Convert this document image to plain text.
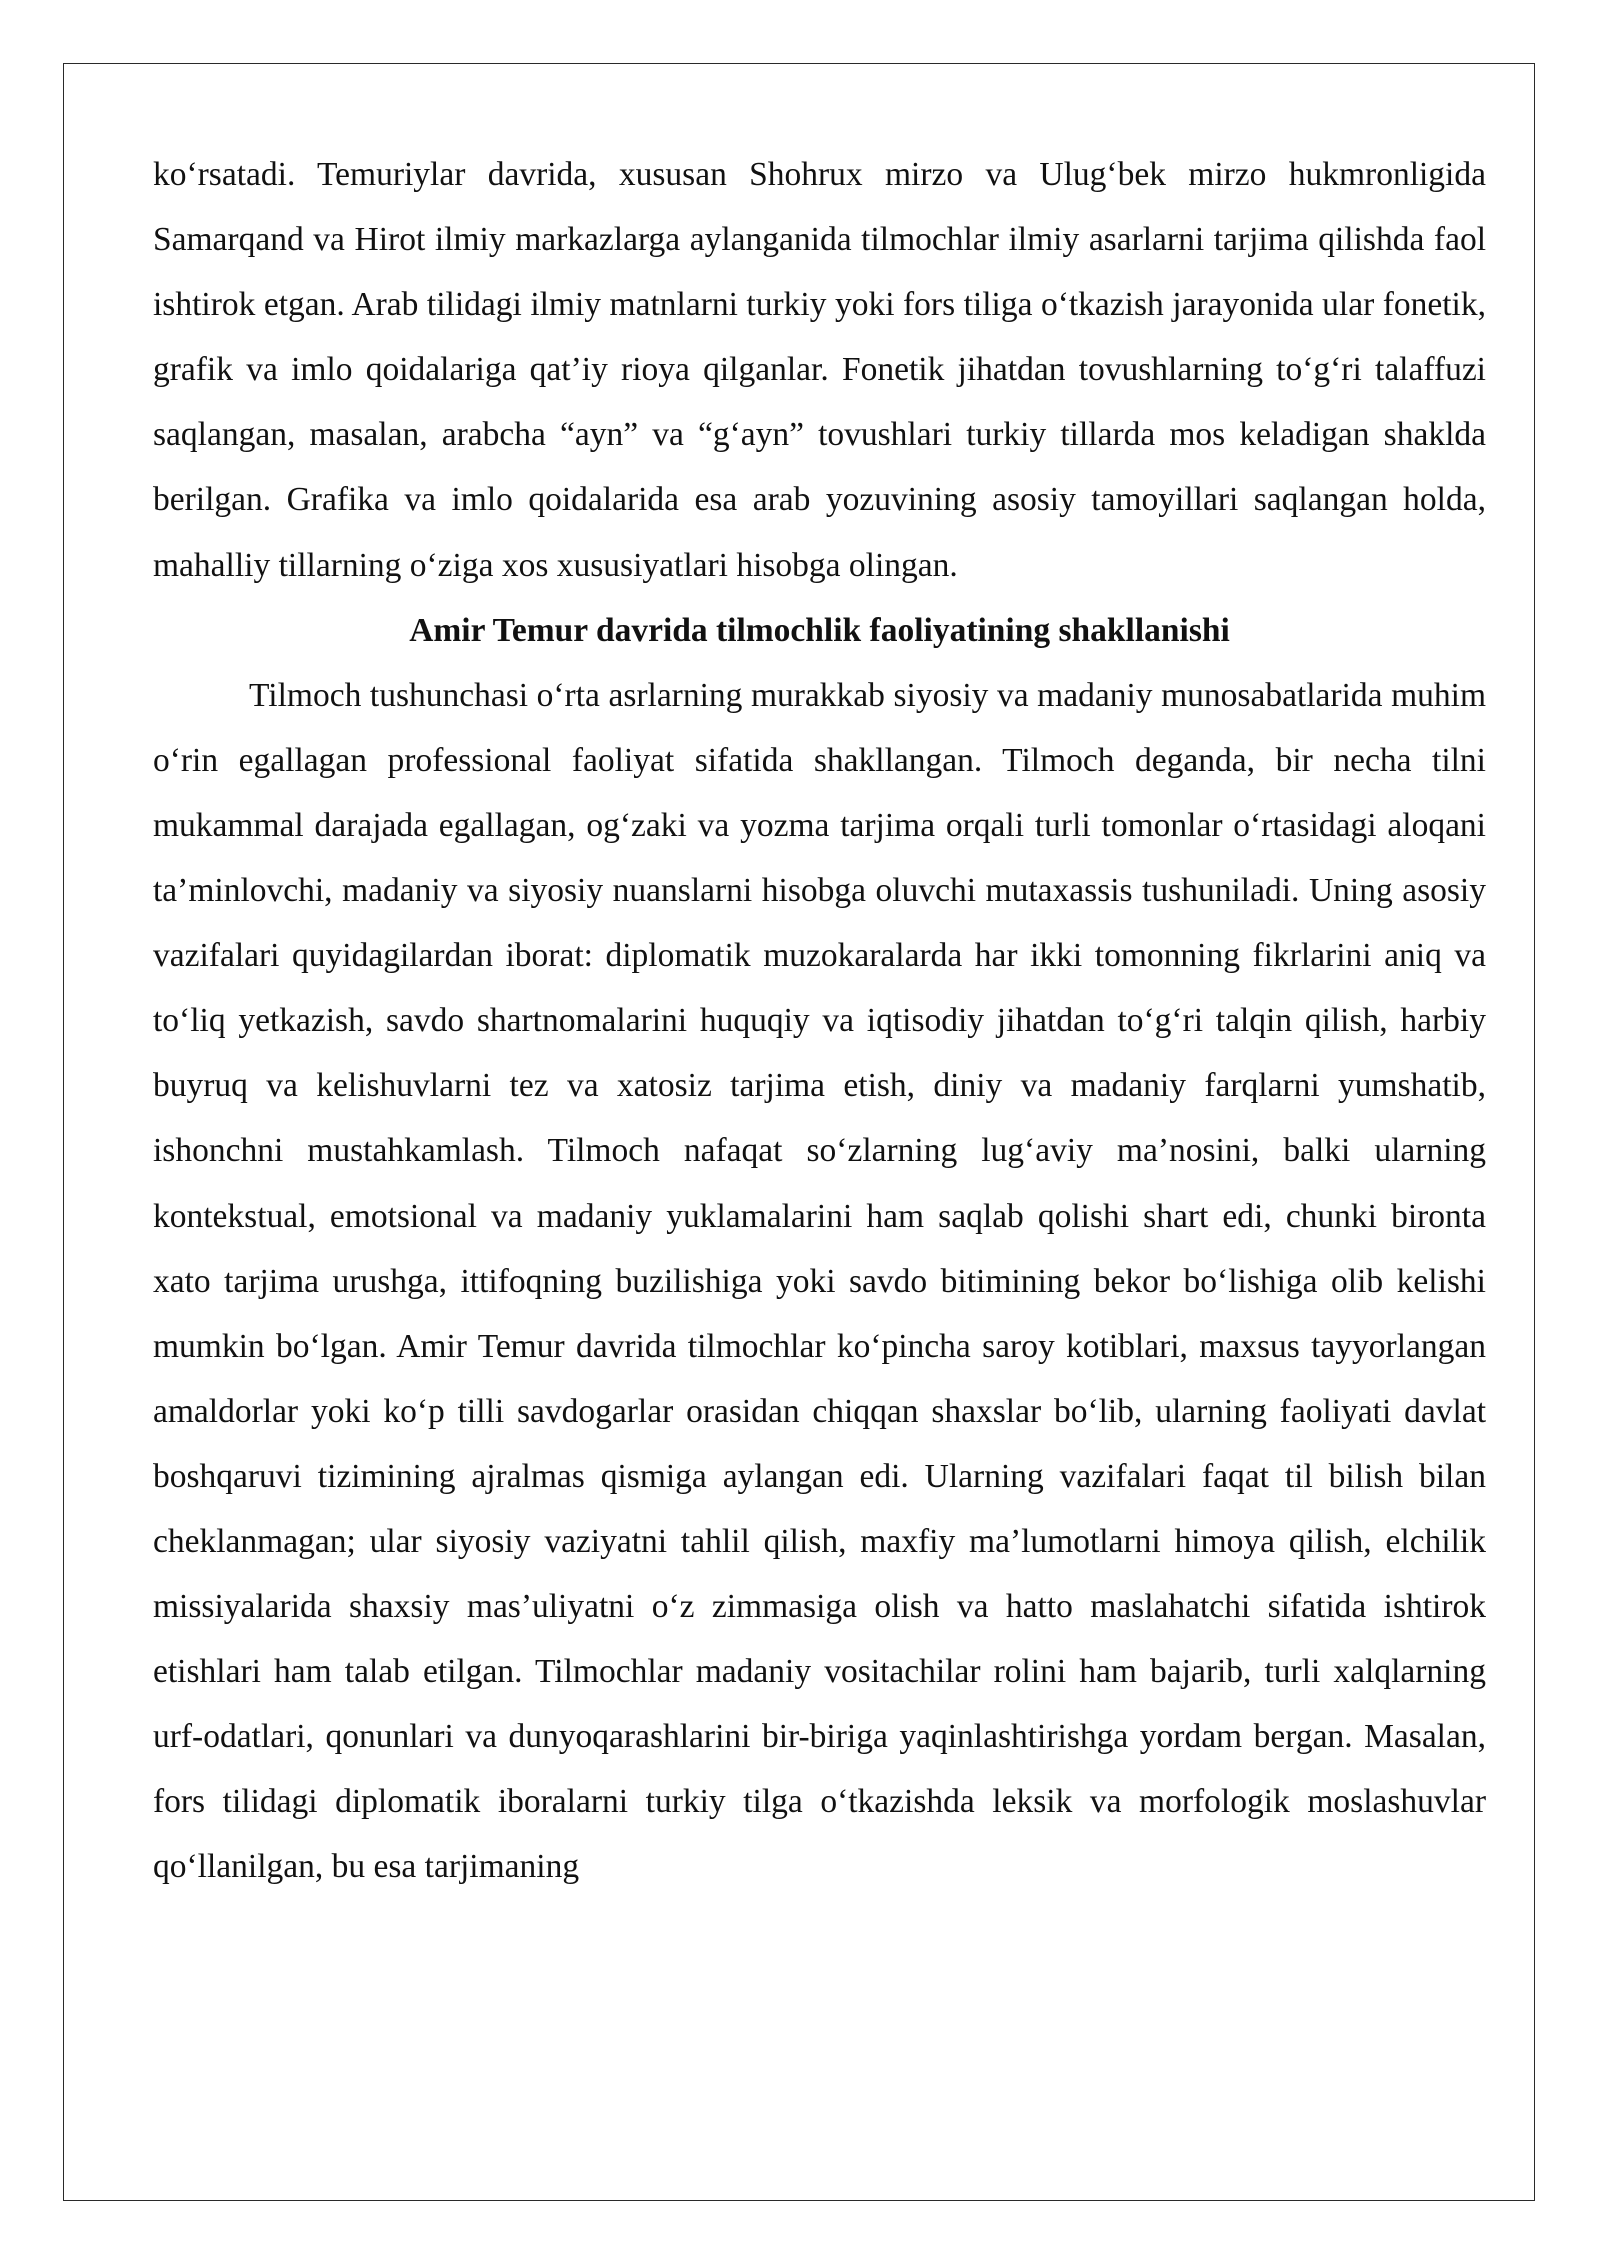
ko‘rsatadi. Temuriylar davrida, xususan Shohrux mirzo va Ulug‘bek mirzo hukmronligida Samarqand va Hirot ilmiy markazlarga aylanganida tilmochlar ilmiy asarlarni tarjima qilishda faol ishtirok etgan. Arab tilidagi ilmiy matnlarni turkiy yoki fors tiliga o‘tkazish jarayonida ular fonetik, grafik va imlo qoidalariga qat’iy rioya qilganlar. Fonetik jihatdan tovushlarning to‘g‘ri talaffuzi saqlangan, masalan, arabcha “ayn” va “g‘ayn” tovushlari turkiy tillarda mos keladigan shaklda berilgan. Grafika va imlo qoidalarida esa arab yozuvining asosiy tamoyillari saqlangan holda, mahalliy tillarning o‘ziga xos xususiyatlari hisobga olingan.

Amir Temur davrida tilmochlik faoliyatining shakllanishi

Tilmoch tushunchasi o‘rta asrlarning murakkab siyosiy va madaniy munosabatlarida muhim o‘rin egallagan professional faoliyat sifatida shakllangan. Tilmoch deganda, bir necha tilni mukammal darajada egallagan, og‘zaki va yozma tarjima orqali turli tomonlar o‘rtasidagi aloqani ta’minlovchi, madaniy va siyosiy nuanslarni hisobga oluvchi mutaxassis tushuniladi. Uning asosiy vazifalari quyidagilardan iborat: diplomatik muzokaralarda har ikki tomonning fikrlarini aniq va to‘liq yetkazish, savdo shartnomalarini huquqiy va iqtisodiy jihatdan to‘g‘ri talqin qilish, harbiy buyruq va kelishuvlarni tez va xatosiz tarjima etish, diniy va madaniy farqlarni yumshatib, ishonchni mustahkamlash. Tilmoch nafaqat so‘zlarning lug‘aviy ma’nosini, balki ularning kontekstual, emotsional va madaniy yuklamalarini ham saqlab qolishi shart edi, chunki bironta xato tarjima urushga, ittifoqning buzilishiga yoki savdo bitimining bekor bo‘lishiga olib kelishi mumkin bo‘lgan. Amir Temur davrida tilmochlar ko‘pincha saroy kotiblari, maxsus tayyorlangan amaldorlar yoki ko‘p tilli savdogarlar orasidan chiqqan shaxslar bo‘lib, ularning faoliyati davlat boshqaruvi tizimining ajralmas qismiga aylangan edi. Ularning vazifalari faqat til bilish bilan cheklanmagan; ular siyosiy vaziyatni tahlil qilish, maxfiy ma’lumotlarni himoya qilish, elchilik missiyalarida shaxsiy mas’uliyatni o‘z zimmasiga olish va hatto maslahatchi sifatida ishtirok etishlari ham talab etilgan. Tilmochlar madaniy vositachilar rolini ham bajarib, turli xalqlarning urf-odatlari, qonunlari va dunyoqarashlarini bir-biriga yaqinlashtirishga yordam bergan. Masalan, fors tilidagi diplomatik iboralarni turkiy tilga o‘tkazishda leksik va morfologik moslashuvlar qo‘llanilgan, bu esa tarjimaning
